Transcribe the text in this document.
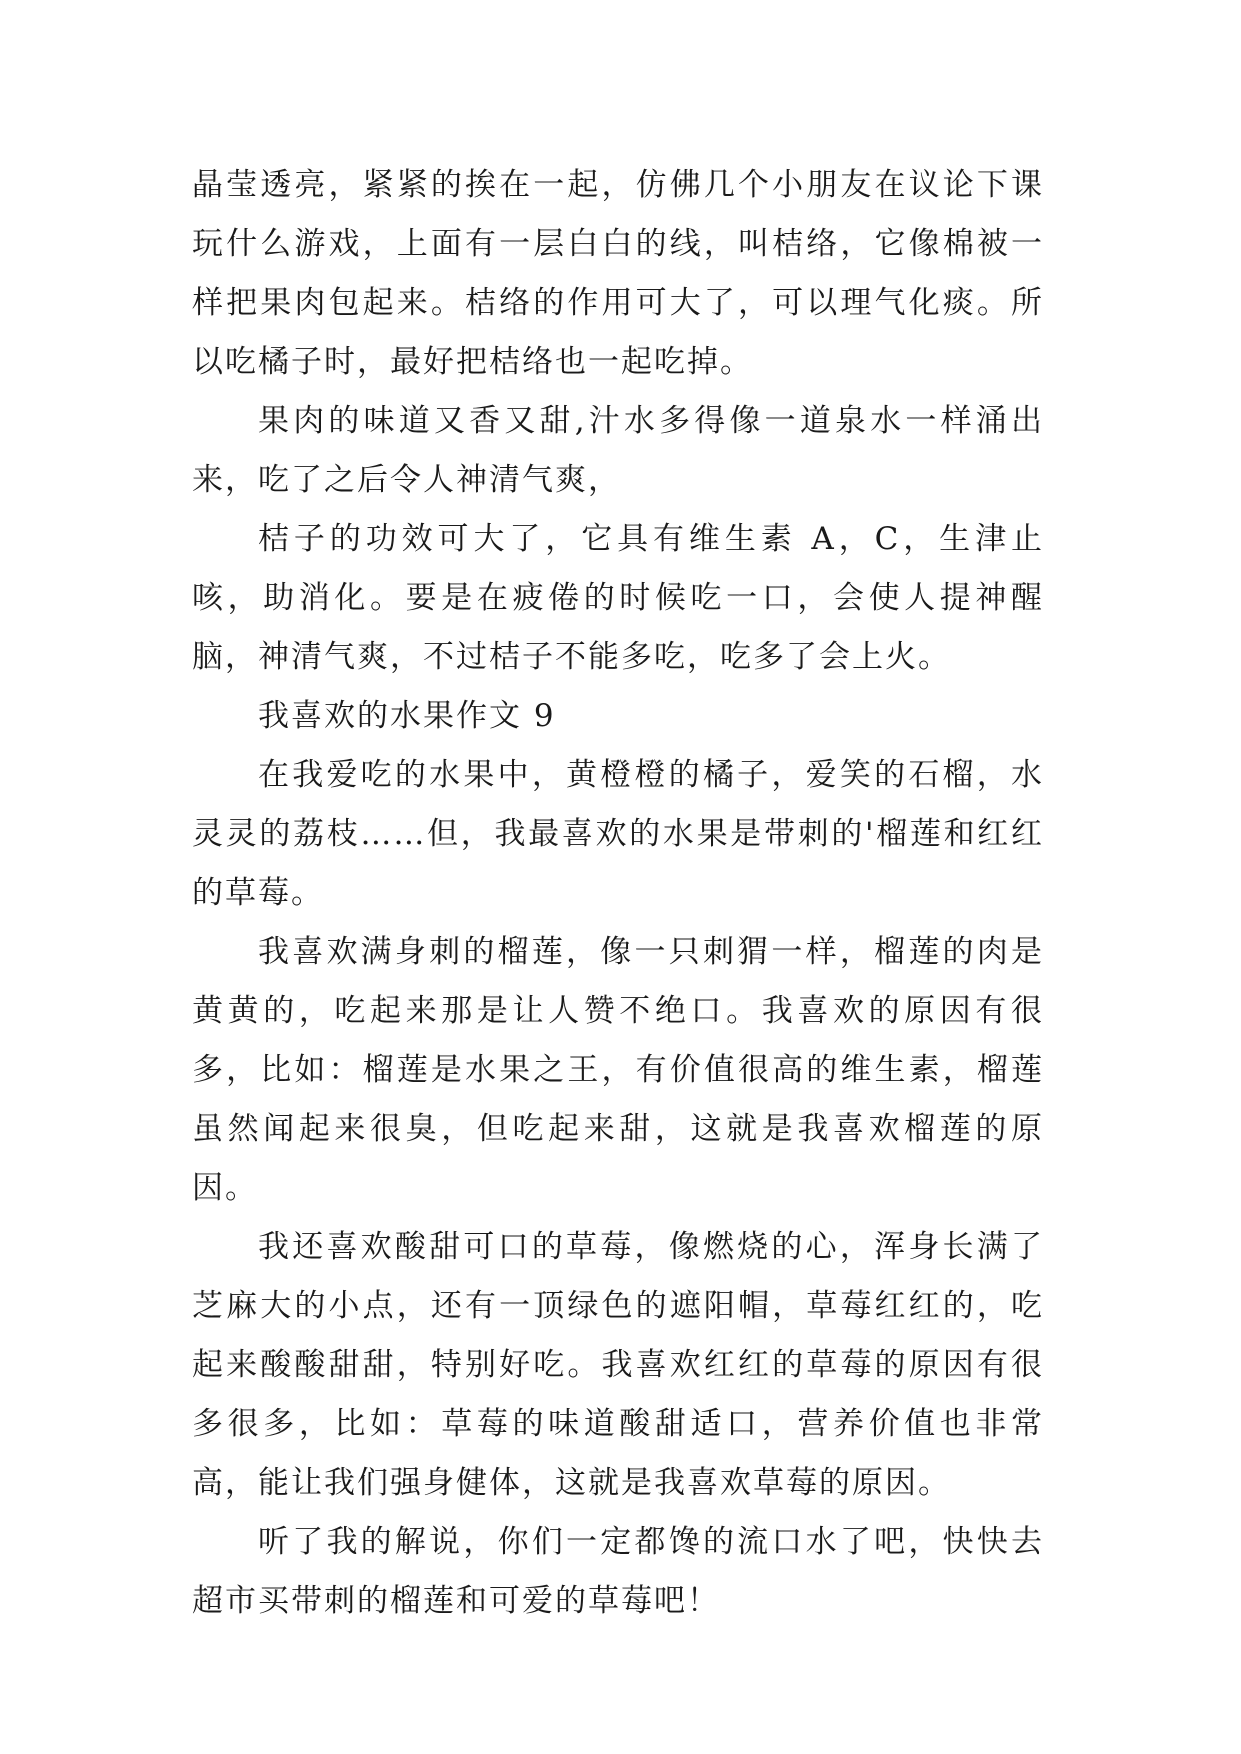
晶莹透亮，紧紧的挨在一起，仿佛几个小朋友在议论下课玩什么游戏，上面有一层白白的线，叫桔络，它像棉被一样把果肉包起来。桔络的作用可大了，可以理气化痰。所以吃橘子时，最好把桔络也一起吃掉。

果肉的味道又香又甜,汁水多得像一道泉水一样涌出来，吃了之后令人神清气爽，

桔子的功效可大了，它具有维生素 A，C，生津止咳，助消化。要是在疲倦的时候吃一口，会使人提神醒脑，神清气爽，不过桔子不能多吃，吃多了会上火。

我喜欢的水果作文 9

在我爱吃的水果中，黄橙橙的橘子，爱笑的石榴，水灵灵的荔枝……但，我最喜欢的水果是带刺的'榴莲和红红的草莓。

我喜欢满身刺的榴莲，像一只刺猬一样，榴莲的肉是黄黄的，吃起来那是让人赞不绝口。我喜欢的原因有很多，比如：榴莲是水果之王，有价值很高的维生素，榴莲虽然闻起来很臭，但吃起来甜，这就是我喜欢榴莲的原因。

我还喜欢酸甜可口的草莓，像燃烧的心，浑身长满了芝麻大的小点，还有一顶绿色的遮阳帽，草莓红红的，吃起来酸酸甜甜，特别好吃。我喜欢红红的草莓的原因有很多很多，比如：草莓的味道酸甜适口，营养价值也非常高，能让我们强身健体，这就是我喜欢草莓的原因。

听了我的解说，你们一定都馋的流口水了吧，快快去超市买带刺的榴莲和可爱的草莓吧！
